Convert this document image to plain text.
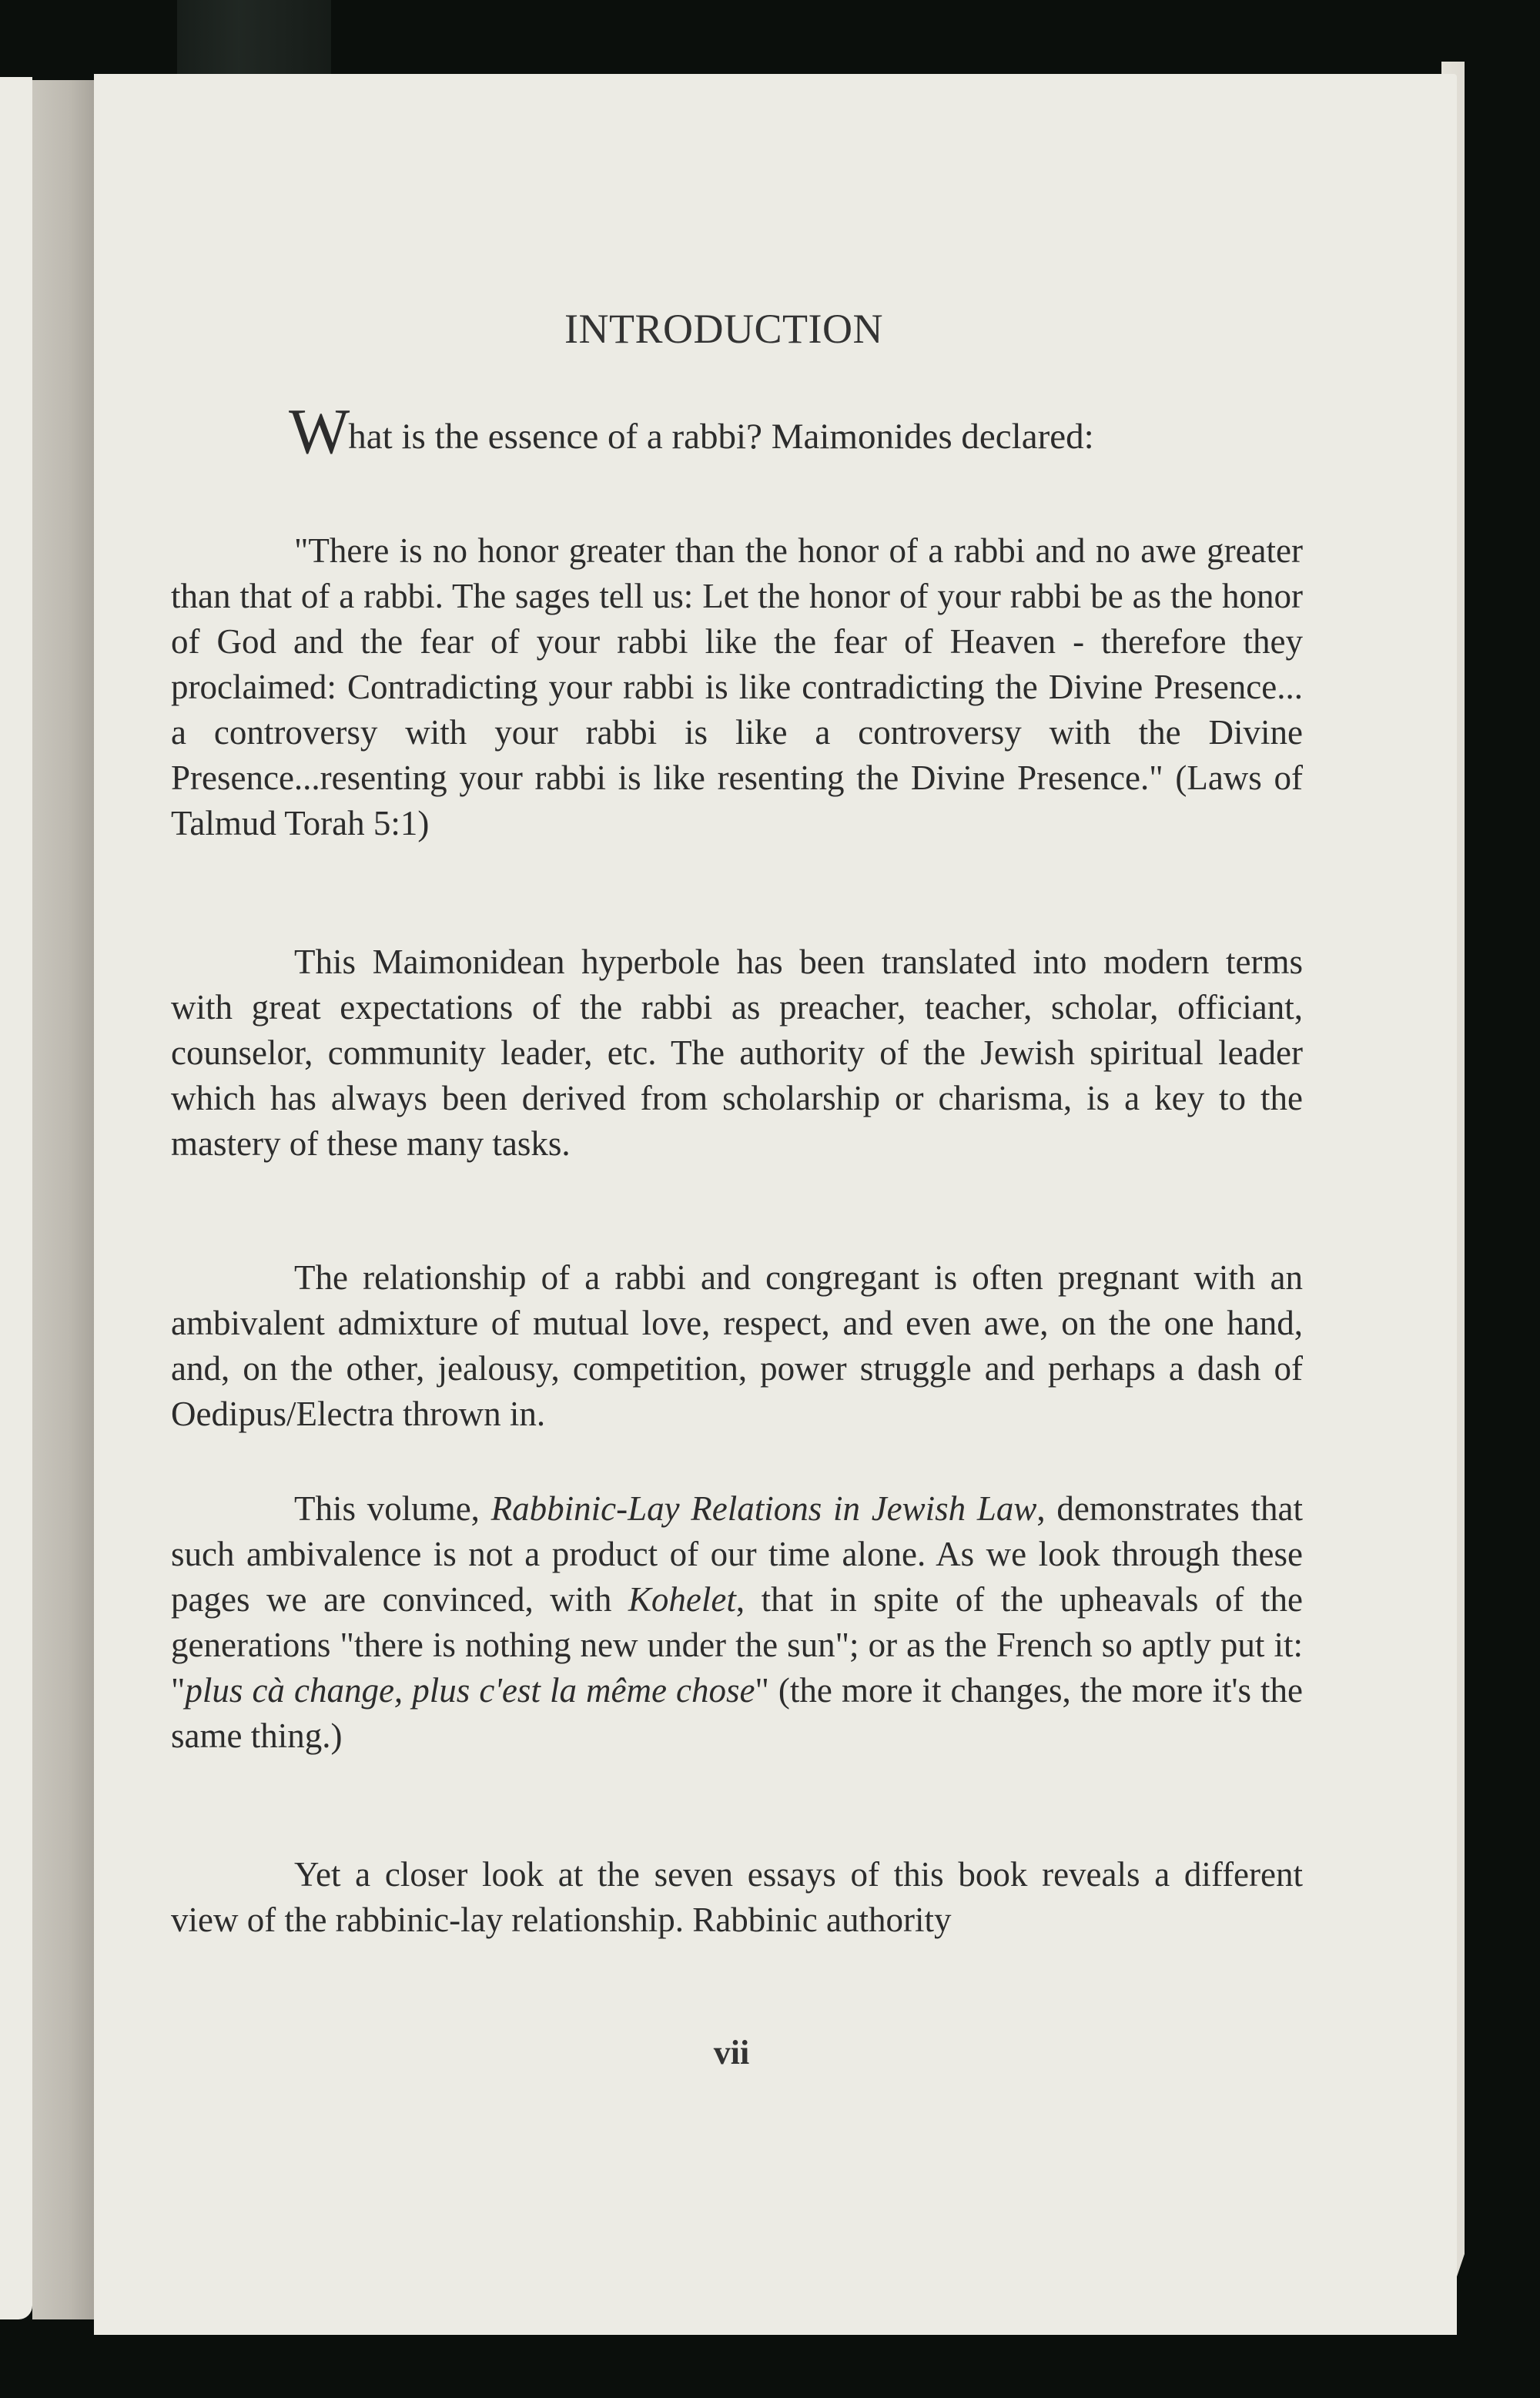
INTRODUCTION
What is the essence of a rabbi? Maimonides declared:
"There is no honor greater than the honor of a rabbi and no awe greater than that of a rabbi. The sages tell us: Let the honor of your rabbi be as the honor of God and the fear of your rabbi like the fear of Heaven - therefore they proclaimed: Contradicting your rabbi is like contradicting the Divine Presence... a controversy with your rabbi is like a controversy with the Divine Presence...resenting your rabbi is like resenting the Divine Presence." (Laws of Talmud Torah 5:1)
This Maimonidean hyperbole has been translated into modern terms with great expectations of the rabbi as preacher, teacher, scholar, officiant, counselor, community leader, etc. The authority of the Jewish spiritual leader which has always been derived from scholarship or charisma, is a key to the mastery of these many tasks.
The relationship of a rabbi and congregant is often pregnant with an ambivalent admixture of mutual love, respect, and even awe, on the one hand, and, on the other, jealousy, competition, power struggle and perhaps a dash of Oedipus/Electra thrown in.
This volume, Rabbinic-Lay Relations in Jewish Law, demonstrates that such ambivalence is not a product of our time alone. As we look through these pages we are convinced, with Kohelet, that in spite of the upheavals of the generations "there is nothing new under the sun"; or as the French so aptly put it: "plus cà change, plus c'est la même chose" (the more it changes, the more it's the same thing.)
Yet a closer look at the seven essays of this book reveals a different view of the rabbinic-lay relationship. Rabbinic authority
vii
